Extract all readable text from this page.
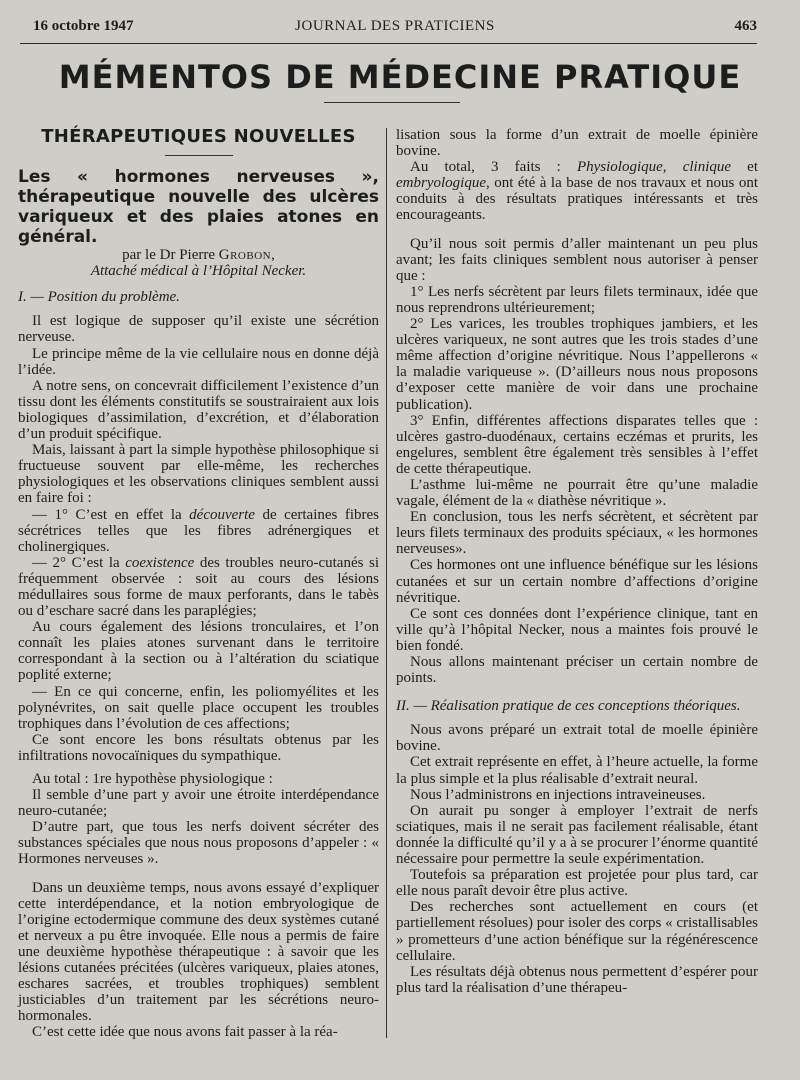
16 octobre 1947	JOURNAL DES PRATICIENS	463
MÉMENTOS DE MÉDECINE PRATIQUE
THÉRAPEUTIQUES NOUVELLES

Les « hormones nerveuses », thérapeutique nouvelle des ulcères variqueux et des plaies atones en général.

par le Dr Pierre Grobon,
Attaché médical à l’Hôpital Necker.

I. — Position du problème.

Il est logique de supposer qu’il existe une sécrétion nerveuse.

Le principe même de la vie cellulaire nous en donne déjà l’idée.

A notre sens, on concevrait difficilement l’existence d’un tissu dont les éléments constitutifs se soustrairaient aux lois biologiques d’assimilation, d’excrétion, et d’élaboration d’un produit spécifique.

Mais, laissant à part la simple hypothèse philosophique si fructueuse souvent par elle-même, les recherches physiologiques et les observations cliniques semblent aussi en faire foi :

— 1° C’est en effet la découverte de certaines fibres sécrétrices telles que les fibres adrénergiques et cholinergiques.

— 2° C’est la coexistence des troubles neuro-cutanés si fréquemment observée : soit au cours des lésions médullaires sous forme de maux perforants, dans le tabès ou d’eschare sacré dans les paraplégies;

Au cours également des lésions tronculaires, et l’on connaît les plaies atones survenant dans le territoire correspondant à la section ou à l’altération du sciatique poplité externe;

— En ce qui concerne, enfin, les poliomyélites et les polynévrites, on sait quelle place occupent les troubles trophiques dans l’évolution de ces affections;

Ce sont encore les bons résultats obtenus par les infiltrations novocaïniques du sympathique.

Au total : 1re hypothèse physiologique :

Il semble d’une part y avoir une étroite interdépendance neuro-cutanée;

D’autre part, que tous les nerfs doivent sécréter des substances spéciales que nous nous proposons d’appeler : « Hormones nerveuses ».

Dans un deuxième temps, nous avons essayé d’expliquer cette interdépendance, et la notion embryologique de l’origine ectodermique commune des deux systèmes cutané et nerveux a pu être invoquée. Elle nous a permis de faire une deuxième hypothèse thérapeutique : à savoir que les lésions cutanées précitées (ulcères variqueux, plaies atones, eschares sacrées, et troubles trophiques) semblent justiciables d’un traitement par les sécrétions neuro-hormonales.

C’est cette idée que nous avons fait passer à la réa-

lisation sous la forme d’un extrait de moelle épinière bovine.

Au total, 3 faits : Physiologique, clinique et embryologique, ont été à la base de nos travaux et nous ont conduits à des résultats pratiques intéressants et très encourageants.

Qu’il nous soit permis d’aller maintenant un peu plus avant; les faits cliniques semblent nous autoriser à penser que :

1° Les nerfs sécrètent par leurs filets terminaux, idée que nous reprendrons ultérieurement;

2° Les varices, les troubles trophiques jambiers, et les ulcères variqueux, ne sont autres que les trois stades d’une même affection d’origine névritique. Nous l’appellerons « la maladie variqueuse ». (D’ailleurs nous nous proposons d’exposer cette manière de voir dans une prochaine publication).

3° Enfin, différentes affections disparates telles que : ulcères gastro-duodénaux, certains eczémas et prurits, les engelures, semblent être également très sensibles à l’effet de cette thérapeutique.

L’asthme lui-même ne pourrait être qu’une maladie vagale, élément de la « diathèse névritique ».

En conclusion, tous les nerfs sécrètent, et sécrètent par leurs filets terminaux des produits spéciaux, « les hormones nerveuses».

Ces hormones ont une influence bénéfique sur les lésions cutanées et sur un certain nombre d’affections d’origine névritique.

Ce sont ces données dont l’expérience clinique, tant en ville qu’à l’hôpital Necker, nous a maintes fois prouvé le bien fondé.

Nous allons maintenant préciser un certain nombre de points.

II. — Réalisation pratique de ces conceptions théoriques.

Nous avons préparé un extrait total de moelle épinière bovine.

Cet extrait représente en effet, à l’heure actuelle, la forme la plus simple et la plus réalisable d’extrait neural.

Nous l’administrons en injections intraveineuses.

On aurait pu songer à employer l’extrait de nerfs sciatiques, mais il ne serait pas facilement réalisable, étant donnée la difficulté qu’il y a à se procurer l’énorme quantité nécessaire pour permettre la seule expérimentation.

Toutefois sa préparation est projetée pour plus tard, car elle nous paraît devoir être plus active.

Des recherches sont actuellement en cours (et partiellement résolues) pour isoler des corps « cristallisables » prometteurs d’une action bénéfique sur la régénérescence cellulaire.

Les résultats déjà obtenus nous permettent d’espérer pour plus tard la réalisation d’une thérapeu-
